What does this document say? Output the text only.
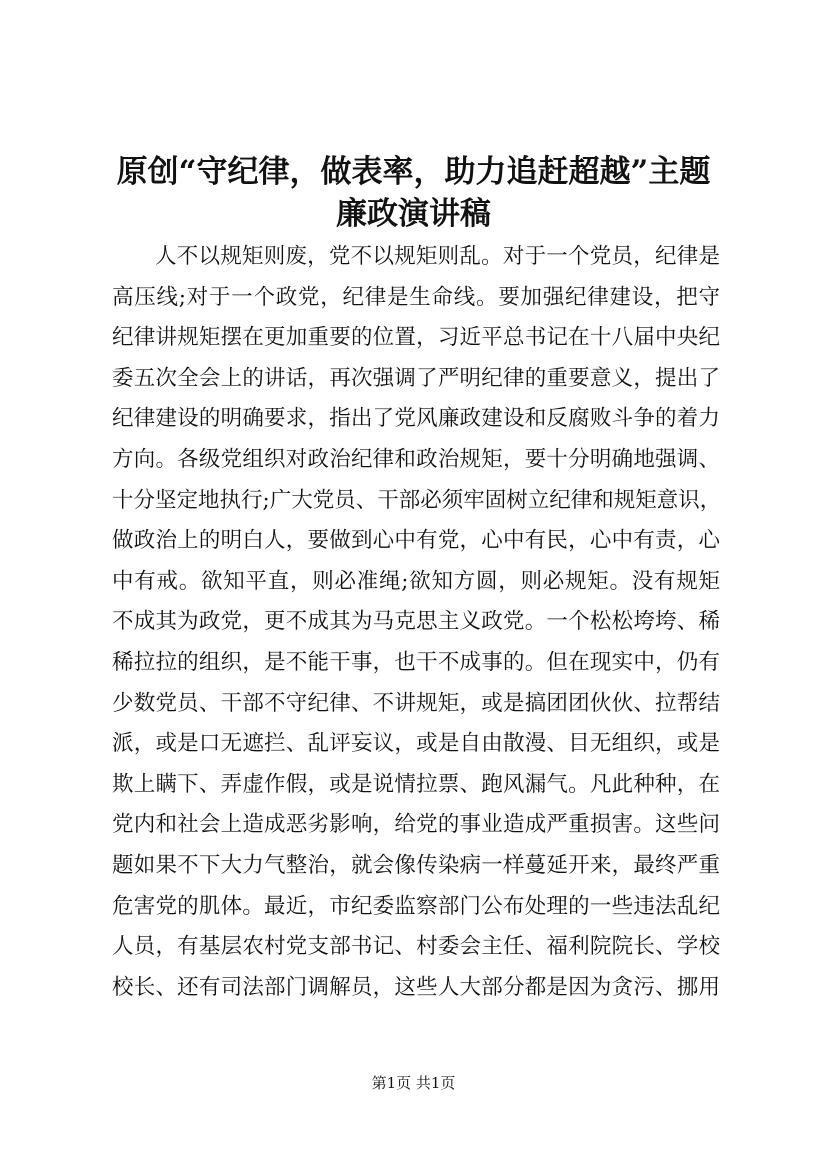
原创“守纪律，做表率，助力追赶超越”主题
廉政演讲稿
人不以规矩则废，党不以规矩则乱。对于一个党员，纪律是
高压线;对于一个政党，纪律是生命线。要加强纪律建设，把守
纪律讲规矩摆在更加重要的位置，习近平总书记在十八届中央纪
委五次全会上的讲话，再次强调了严明纪律的重要意义，提出了
纪律建设的明确要求，指出了党风廉政建设和反腐败斗争的着力
方向。各级党组织对政治纪律和政治规矩，要十分明确地强调、
十分坚定地执行;广大党员、干部必须牢固树立纪律和规矩意识，
做政治上的明白人，要做到心中有党，心中有民，心中有责，心
中有戒。欲知平直，则必准绳;欲知方圆，则必规矩。没有规矩
不成其为政党，更不成其为马克思主义政党。一个松松垮垮、稀
稀拉拉的组织，是不能干事，也干不成事的。但在现实中，仍有
少数党员、干部不守纪律、不讲规矩，或是搞团团伙伙、拉帮结
派，或是口无遮拦、乱评妄议，或是自由散漫、目无组织，或是
欺上瞒下、弄虚作假，或是说情拉票、跑风漏气。凡此种种，在
党内和社会上造成恶劣影响，给党的事业造成严重损害。这些问
题如果不下大力气整治，就会像传染病一样蔓延开来，最终严重
危害党的肌体。最近，市纪委监察部门公布处理的一些违法乱纪
人员，有基层农村党支部书记、村委会主任、福利院院长、学校
校长、还有司法部门调解员，这些人大部分都是因为贪污、挪用
第1页 共1页
